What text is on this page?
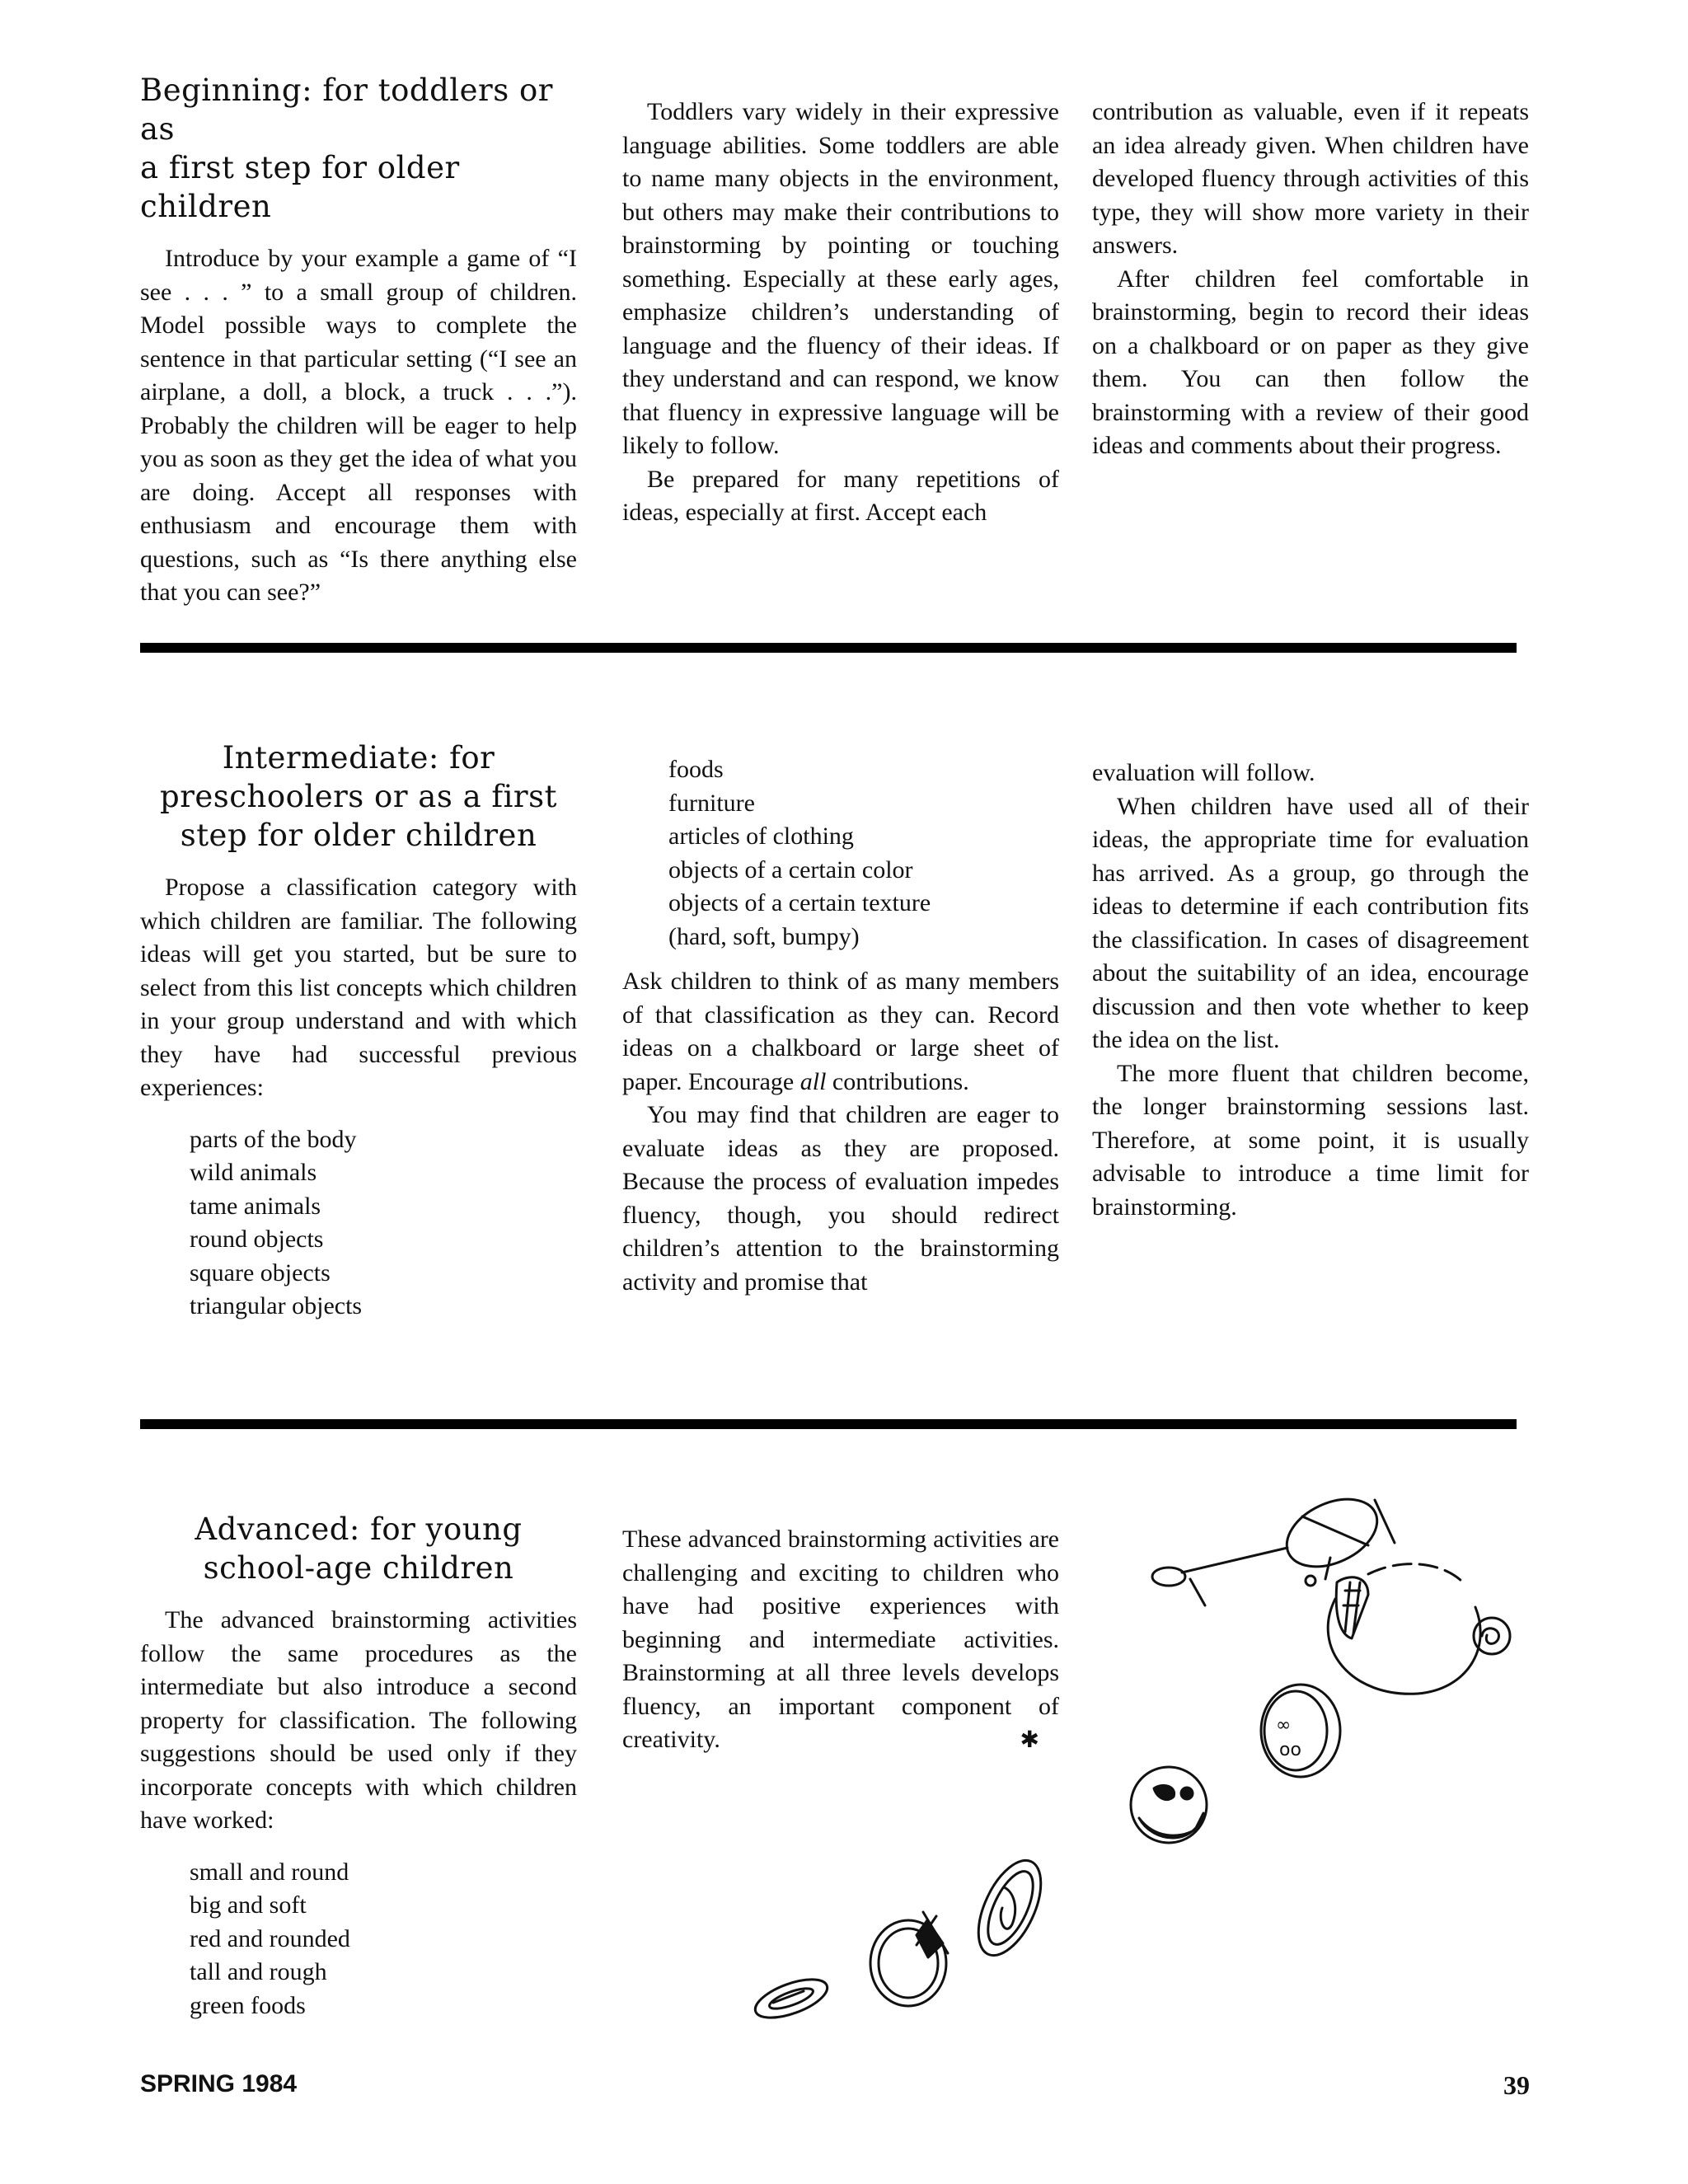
Beginning: for toddlers or as
a first step for older children

Introduce by your example a game of “I see . . . ” to a small group of children. Model possible ways to complete the sentence in that particular setting (“I see an airplane, a doll, a block, a truck . . .”). Probably the children will be eager to help you as soon as they get the idea of what you are doing. Accept all responses with enthusiasm and encourage them with questions, such as “Is there anything else that you can see?”

Toddlers vary widely in their expressive language abilities. Some toddlers are able to name many objects in the environment, but others may make their contributions to brainstorming by pointing or touching something. Especially at these early ages, emphasize children’s understanding of language and the fluency of their ideas. If they understand and can respond, we know that fluency in expressive language will be likely to follow.

Be prepared for many repetitions of ideas, especially at first. Accept each

contribution as valuable, even if it repeats an idea already given. When children have developed fluency through activities of this type, they will show more variety in their answers.

After children feel comfortable in brainstorming, begin to record their ideas on a chalkboard or on paper as they give them. You can then follow the brainstorming with a review of their good ideas and comments about their progress.

Intermediate: for
preschoolers or as a first
step for older children

Propose a classification category with which children are familiar. The following ideas will get you started, but be sure to select from this list concepts which children in your group understand and with which they have had successful previous experiences:

parts of the body
wild animals
tame animals
round objects
square objects
triangular objects
foods
furniture
articles of clothing
objects of a certain color
objects of a certain texture
(hard, soft, bumpy)

Ask children to think of as many members of that classification as they can. Record ideas on a chalkboard or large sheet of paper. Encourage all contributions.

You may find that children are eager to evaluate ideas as they are proposed. Because the process of evaluation impedes fluency, though, you should redirect children’s attention to the brainstorming activity and promise that

evaluation will follow.

When children have used all of their ideas, the appropriate time for evaluation has arrived. As a group, go through the ideas to determine if each contribution fits the classification. In cases of disagreement about the suitability of an idea, encourage discussion and then vote whether to keep the idea on the list.

The more fluent that children become, the longer brainstorming sessions last. Therefore, at some point, it is usually advisable to introduce a time limit for brainstorming.

Advanced: for young
school-age children

The advanced brainstorming activities follow the same procedures as the intermediate but also introduce a second property for classification. The following suggestions should be used only if they incorporate concepts with which children have worked:

small and round
big and soft
red and rounded
tall and rough
green foods

These advanced brainstorming activities are challenging and exciting to children who have had positive experiences with beginning and intermediate activities. Brainstorming at all three levels develops fluency, an important component of creativity.	✱

∞
oo
SPRING 1984	39
